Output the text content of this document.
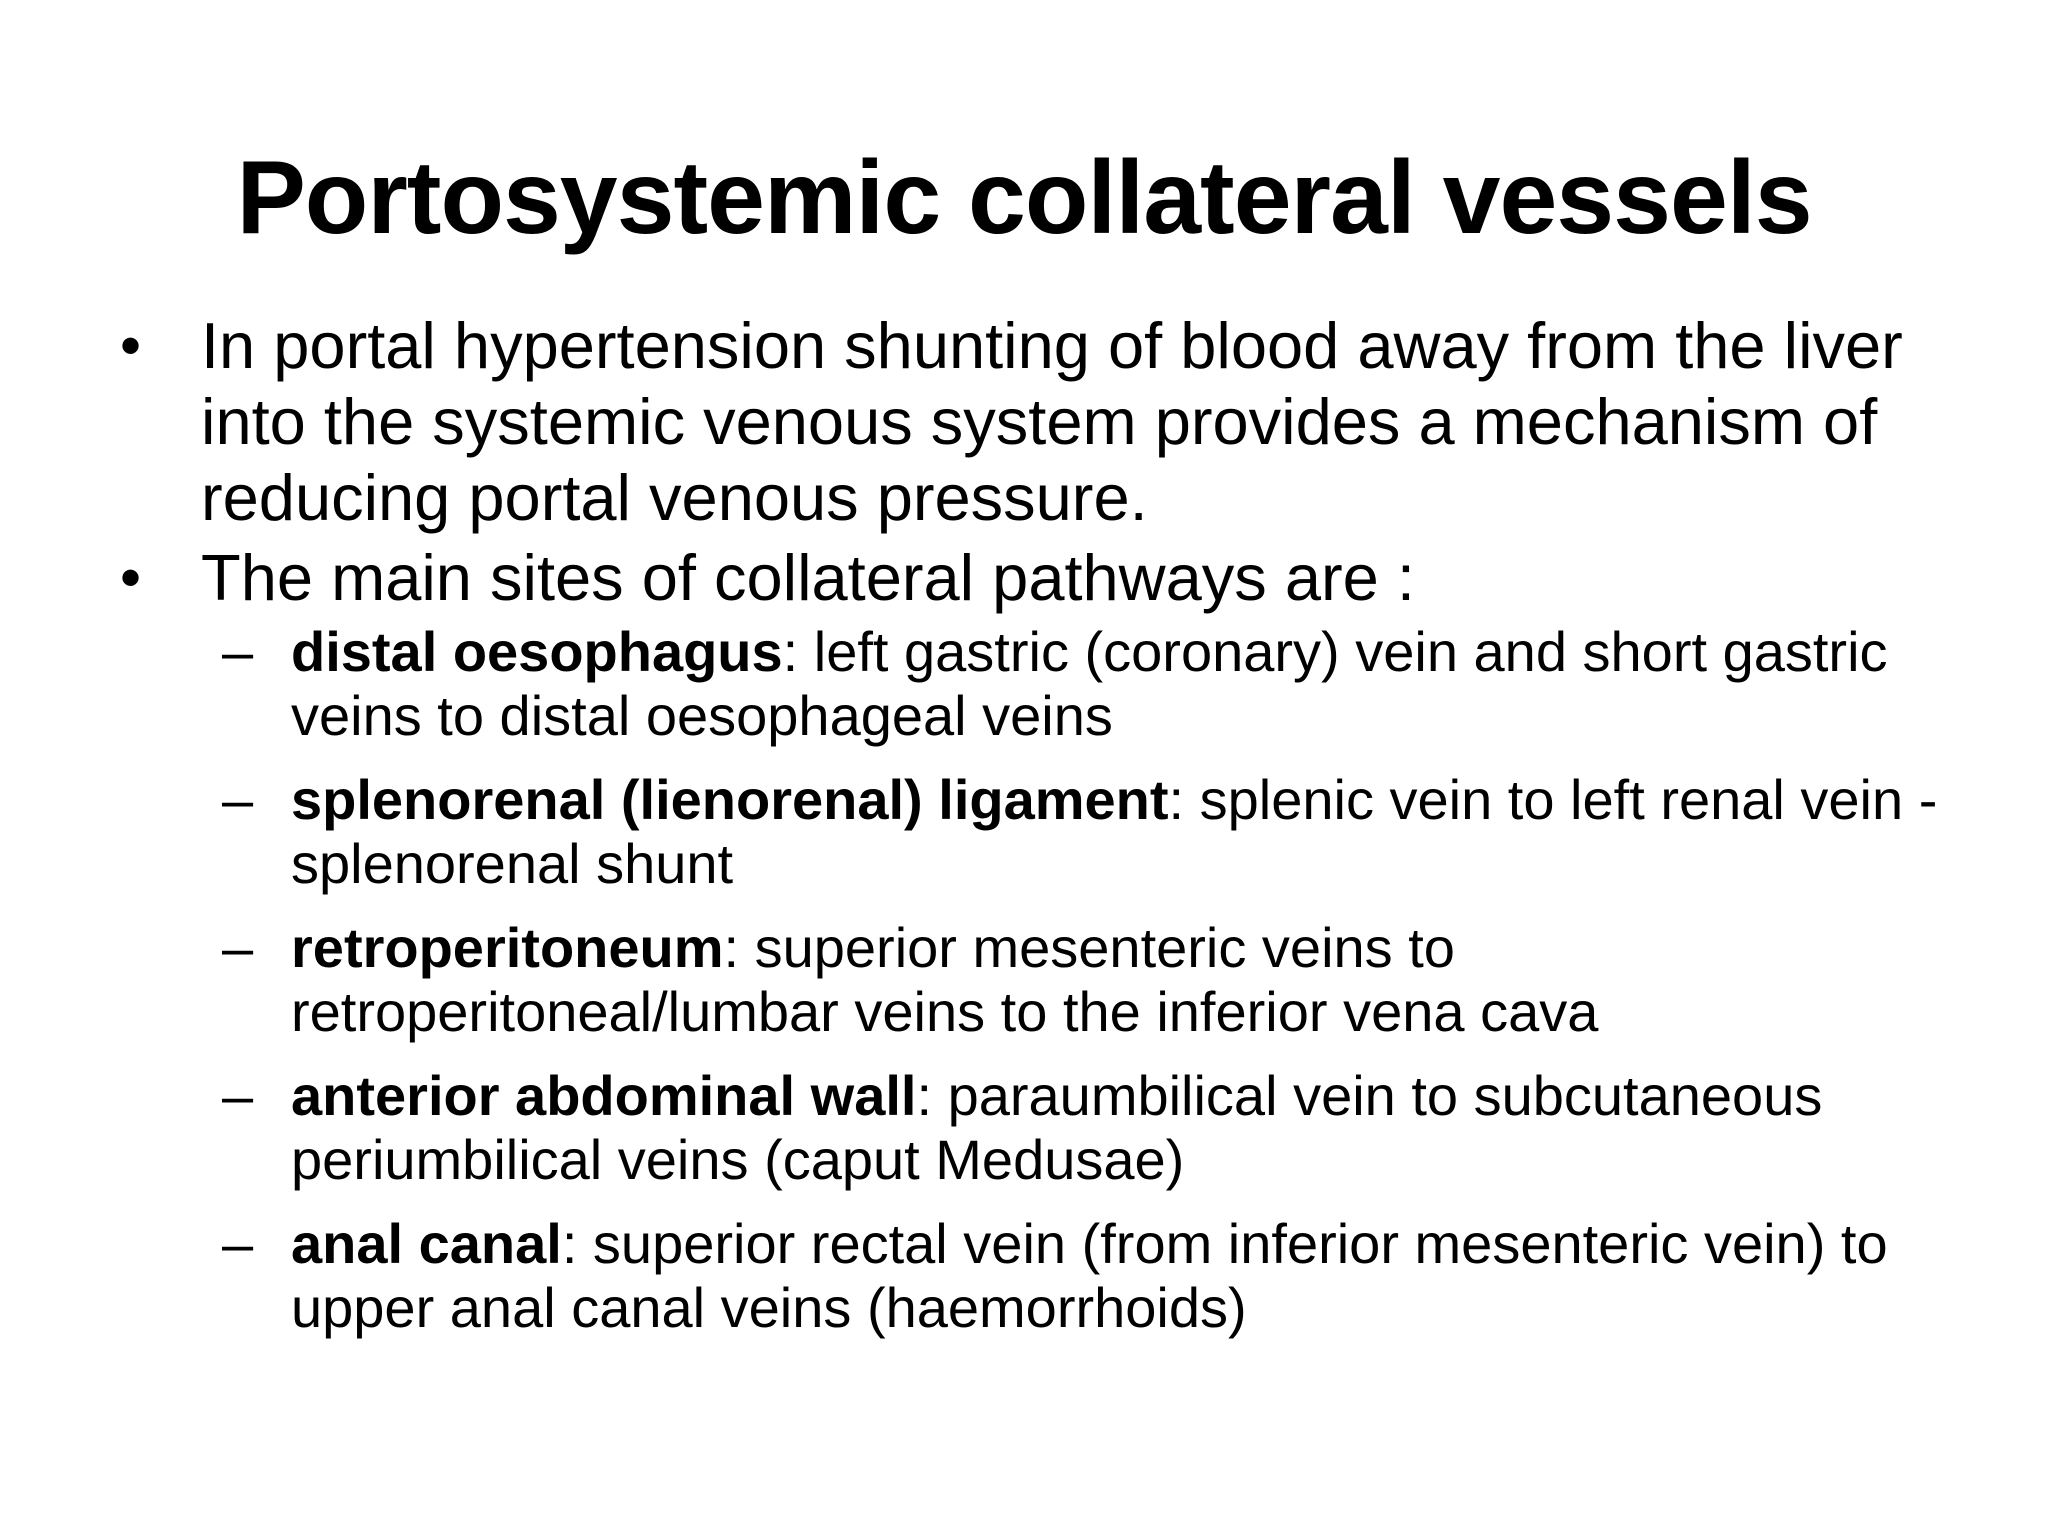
Portosystemic collateral vessels
• In portal hypertension shunting of blood away from the liver into the systemic venous system provides a mechanism of reducing portal venous pressure.
• The main sites of collateral pathways are :
– distal oesophagus: left gastric (coronary) vein and short gastric veins to distal oesophageal veins
– splenorenal (lienorenal) ligament: splenic vein to left renal vein - splenorenal shunt
– retroperitoneum: superior mesenteric veins to retroperitoneal/lumbar veins to the inferior vena cava
– anterior abdominal wall: paraumbilical vein to subcutaneous periumbilical veins (caput Medusae)
– anal canal: superior rectal vein (from inferior mesenteric vein) to upper anal canal veins (haemorrhoids)
